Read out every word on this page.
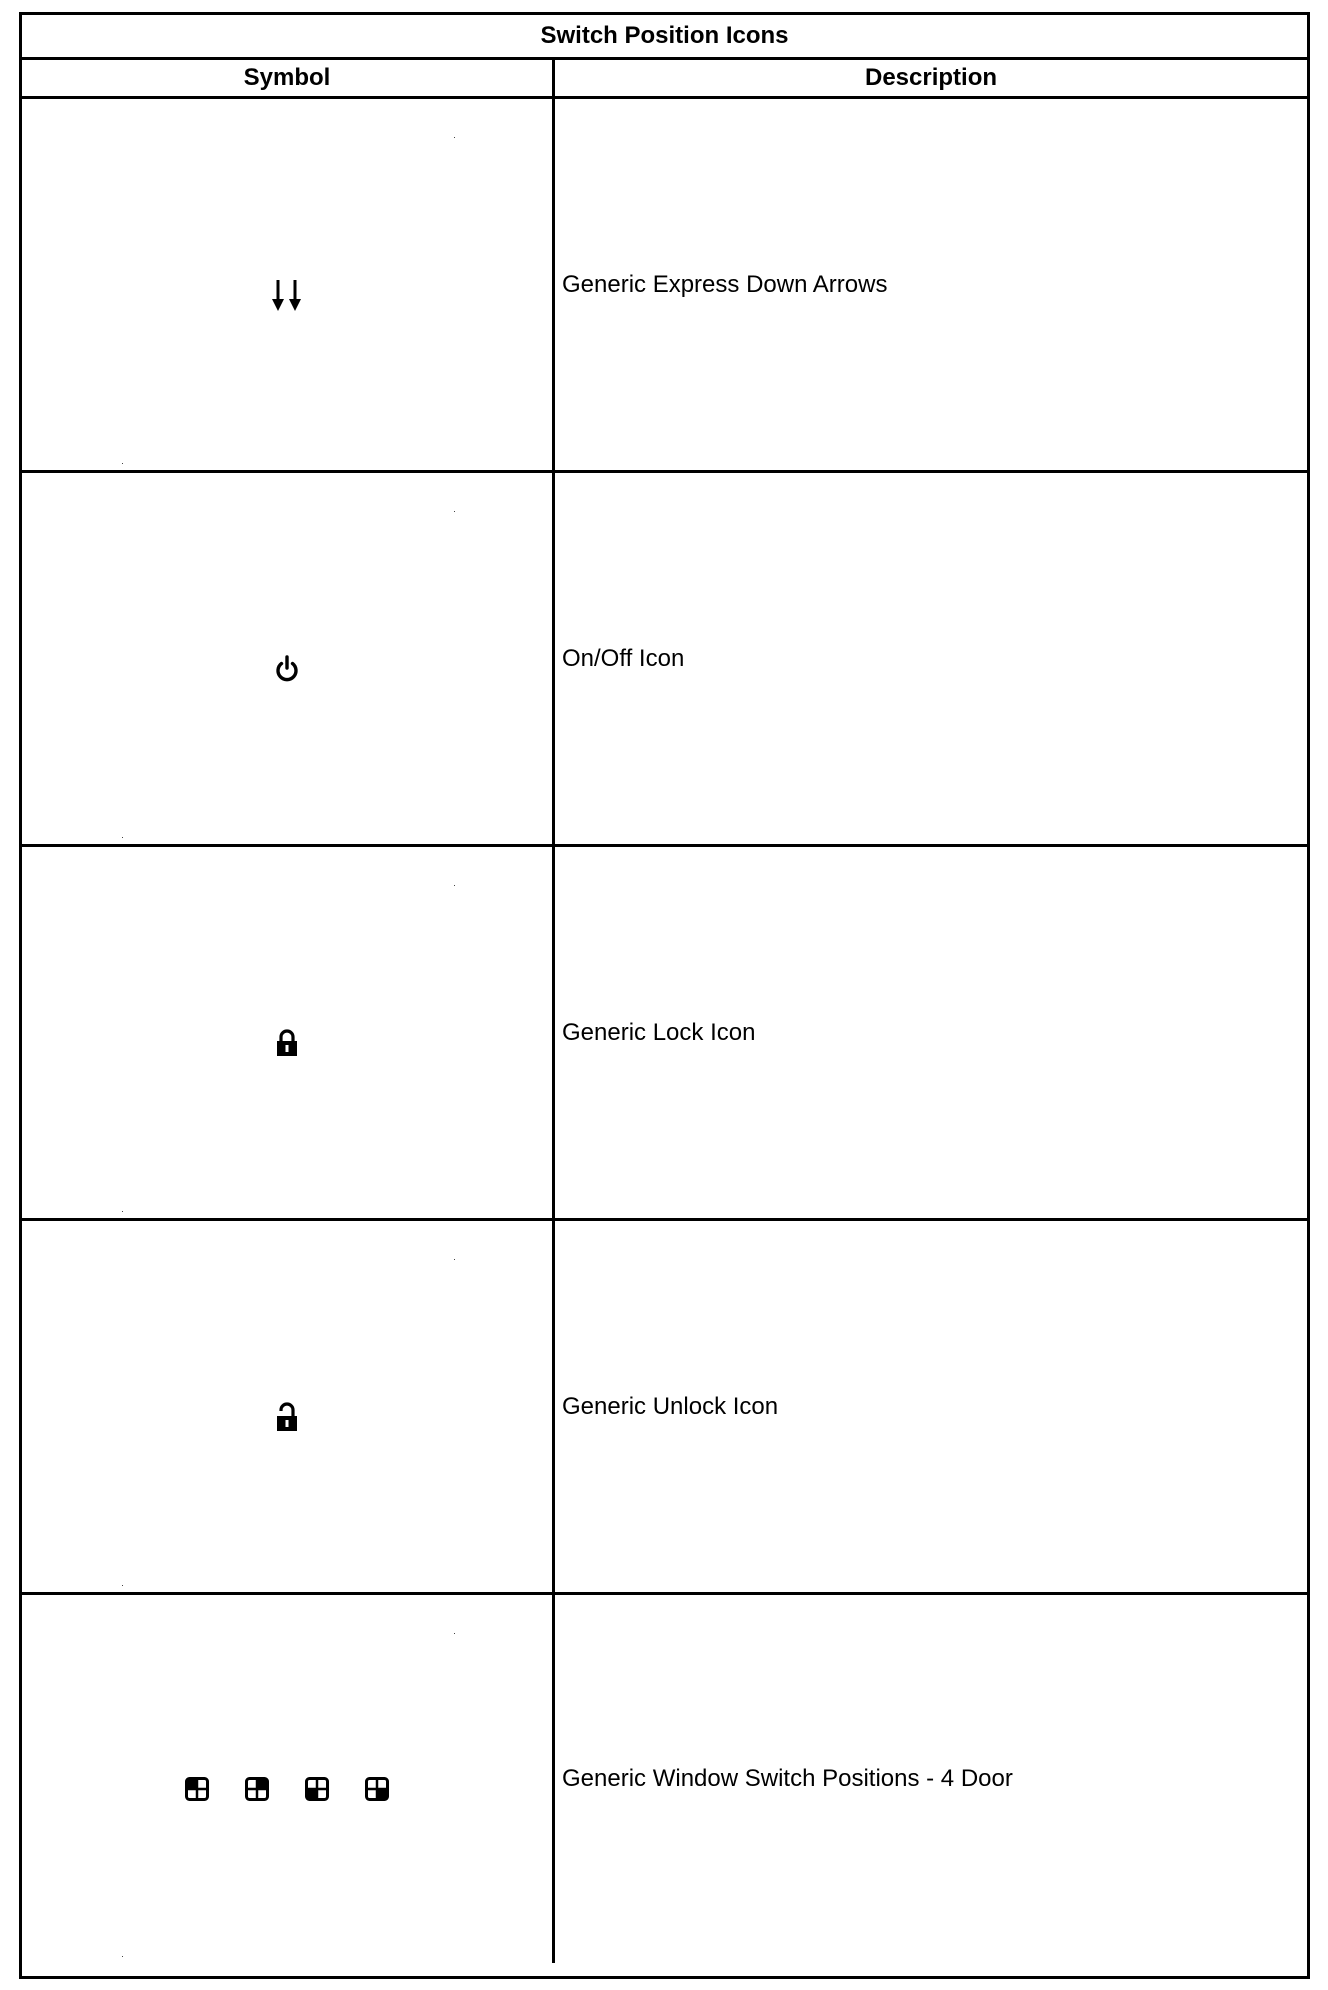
Switch Position Icons
Symbol	Description
Generic Express Down Arrows
On/Off Icon
Generic Lock Icon
Generic Unlock Icon
Generic Window Switch Positions - 4 Door
